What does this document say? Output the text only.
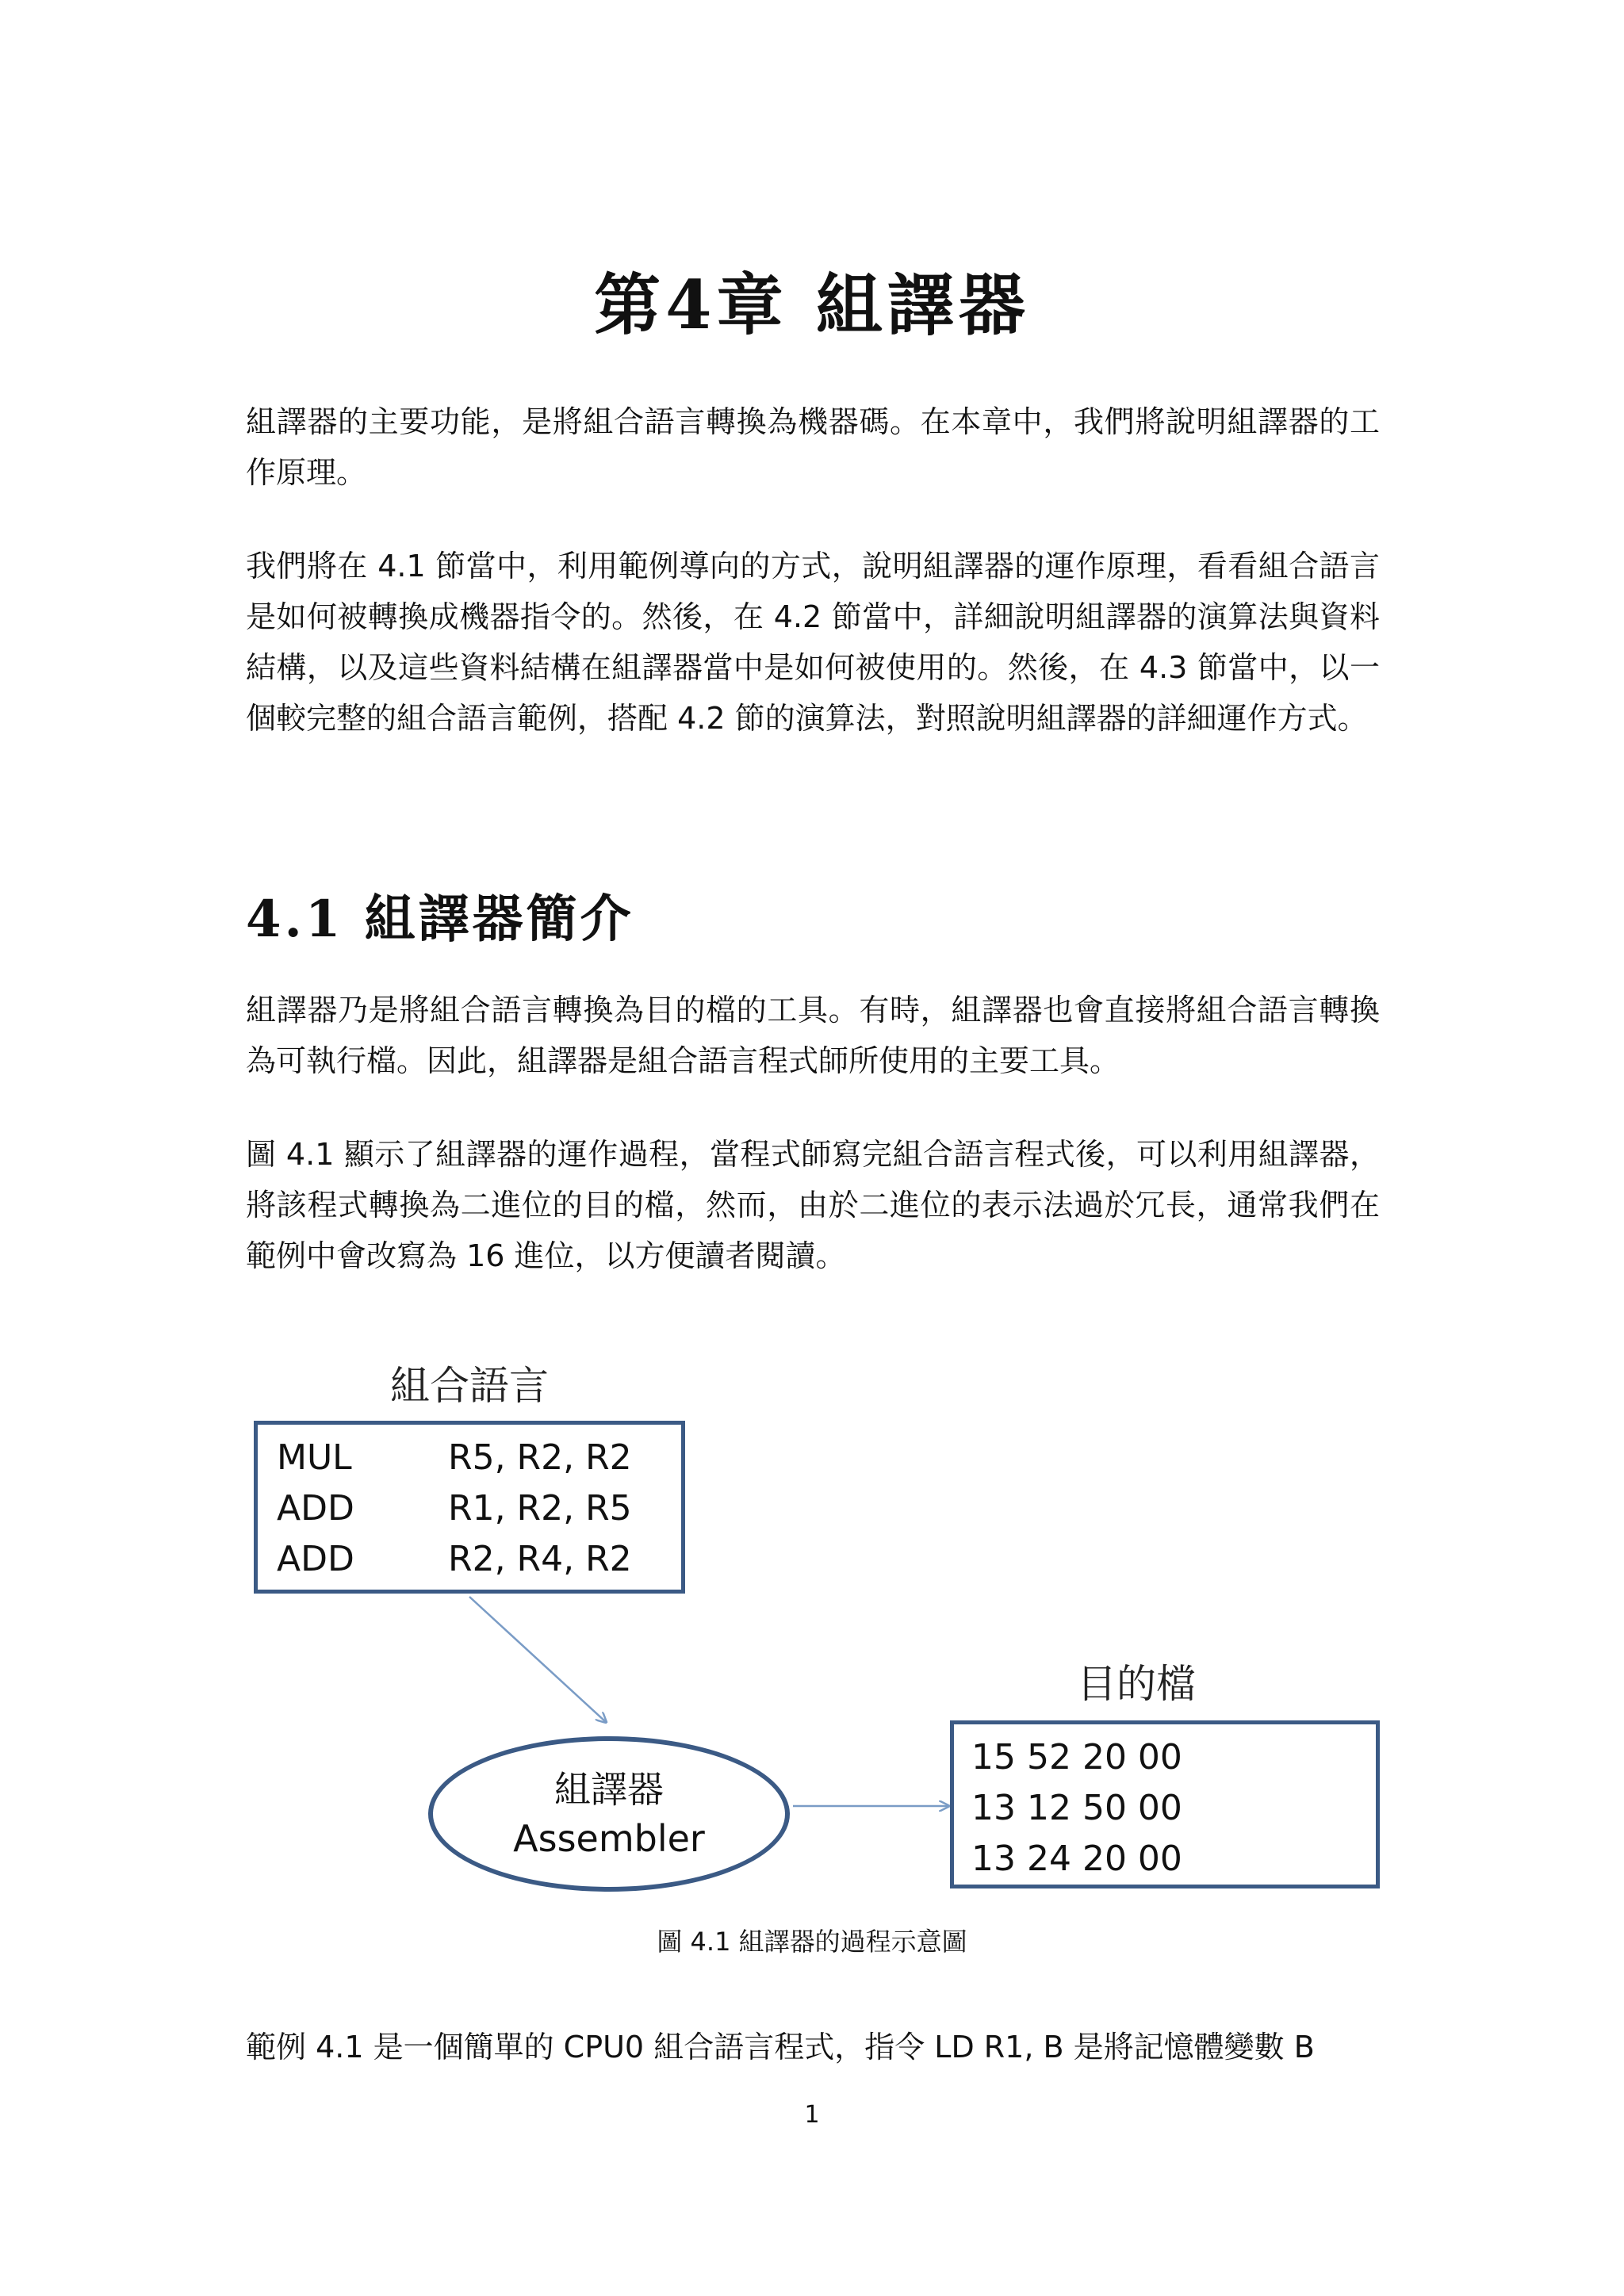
第4章 組譯器

組譯器的主要功能，是將組合語言轉換為機器碼。在本章中，我們將說明組譯器的工作原理。

我們將在 4.1 節當中，利用範例導向的方式，說明組譯器的運作原理，看看組合語言是如何被轉換成機器指令的。然後，在 4.2 節當中，詳細說明組譯器的演算法與資料結構，以及這些資料結構在組譯器當中是如何被使用的。然後，在 4.3 節當中，以一個較完整的組合語言範例，搭配 4.2 節的演算法，對照說明組譯器的詳細運作方式。

4.1 組譯器簡介

組譯器乃是將組合語言轉換為目的檔的工具。有時，組譯器也會直接將組合語言轉換為可執行檔。因此，組譯器是組合語言程式師所使用的主要工具。

圖 4.1 顯示了組譯器的運作過程，當程式師寫完組合語言程式後，可以利用組譯器，將該程式轉換為二進位的目的檔，然而，由於二進位的表示法過於冗長，通常我們在範例中會改寫為 16 進位，以方便讀者閱讀。

組合語言
MUL	R5, R2, R2
ADD	R1, R2, R5
ADD	R2, R4, R2
組譯器
Assembler
目的檔
15 52 20 00
13 12 50 00
13 24 20 00

圖 4.1 組譯器的過程示意圖

範例 4.1 是一個簡單的 CPU0 組合語言程式，指令 LD R1, B 是將記憶體變數 B

1
